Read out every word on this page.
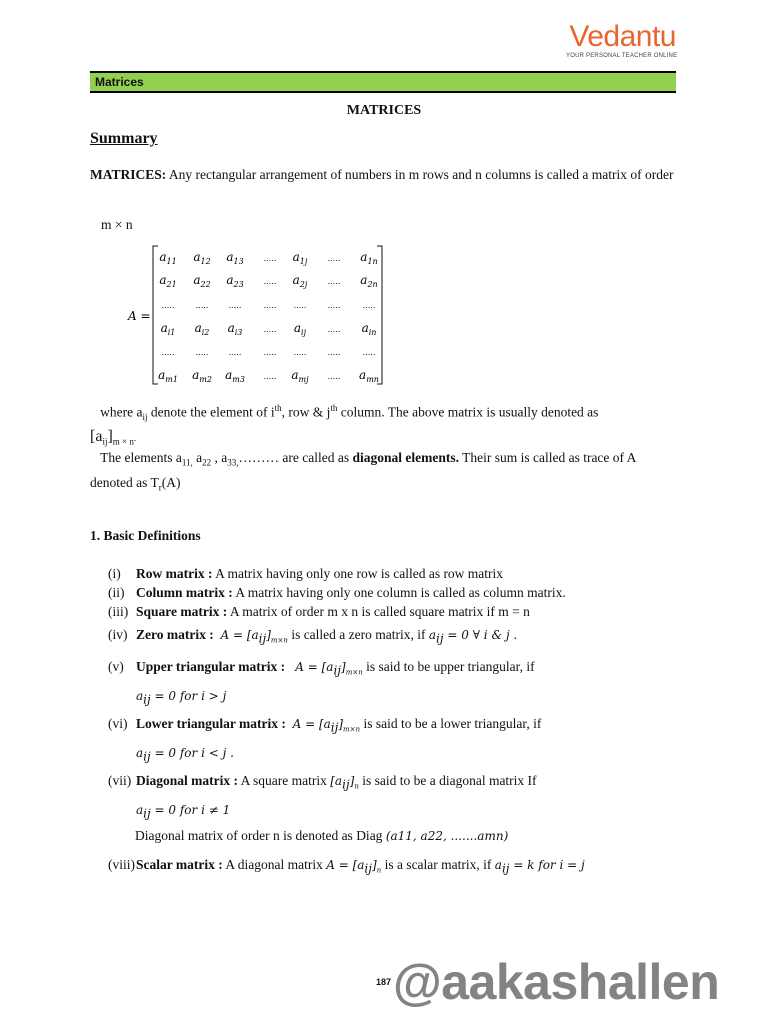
Vedantu
YOUR PERSONAL TEACHER ONLINE
Matrices
MATRICES
Summary
MATRICES: Any rectangular arrangement of numbers in m rows and n columns is called a matrix of order
m × n
A =
$a_{11}$ $a_{12}$ $a_{13}$ ..... $a_{1j}$	..... $a_{1n}$
$a_{21}$ $a_{22}$ $a_{23}$ ..... $a_{2j}$	..... $a_{2n}$
.....	.....	.....	..... .....	.....	.....
$a_{i1}$ $a_{i2}$ $a_{i3}$	..... $a_{ij}$	..... $a_{in}$
.....	.....	.....	..... .....	.....	.....
$a_{m1}$ $a_{m2}$ $a_{m3}$ ..... $a_{mj}$ ..... $a_{mn}$
where $a_{ij}$ denote the element of $i^{th}$, row & $j^{th}$ column. The above matrix is usually denoted as
$[a_{ij}]_{m \times n}$.
The elements $a_{11,}$ $a_{22}$ , $a_{33,}\dots\dots\dots$ are called as diagonal elements. Their sum is called as trace of A denoted as $T_r(A)$
1. Basic Definitions
(i) Row matrix : A matrix having only one row is called as row matrix
(ii) Column matrix : A matrix having only one column is called as column matrix.
(iii) Square matrix : A matrix of order m x n is called square matrix if m = n
(iv) Zero matrix : $A = [a_{ij}]_{m\times n}$ is called a zero matrix, if $a_{ij} = 0$ ∀ i & j .
(v) Upper triangular matrix : $A = [a_{ij}]_{m\times n}$ is said to be upper triangular, if
$a_{ij} = 0$ for i > j
(vi) Lower triangular matrix : $A = [a_{ij}]_{m\times n}$ is said to be a lower triangular, if
$a_{ij} = 0$ for i < j .
(vii) Diagonal matrix : A square matrix $[a_{ij}]_n$ is said to be a diagonal matrix If
$a_{ij} = 0$ for i ≠ 1
Diagonal matrix of order n is denoted as Diag (a11, a22, .......amn)
(viii)Scalar matrix : A diagonal matrix $A = [a_{ij}]_n$ is a scalar matrix, if $a_{ij} = k$ for i = j
@aakashallen
187
